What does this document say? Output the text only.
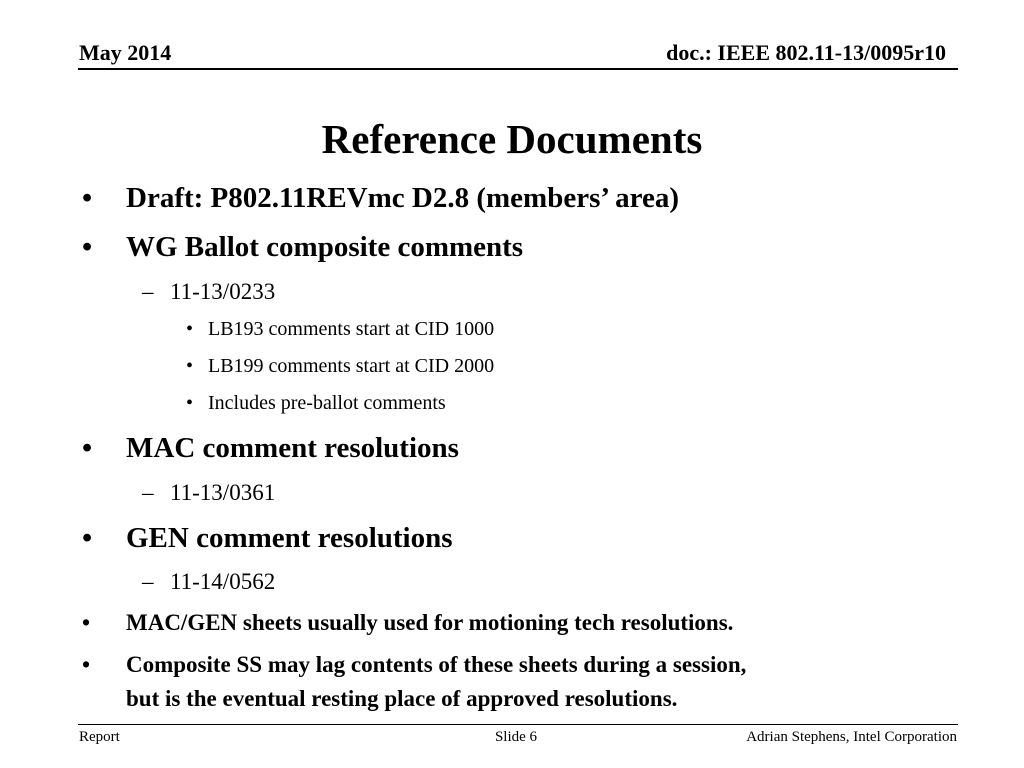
May 2014	doc.: IEEE 802.11-13/0095r10
Reference Documents
• Draft: P802.11REVmc D2.8 (members’ area)
• WG Ballot composite comments
– 11-13/0233
• LB193 comments start at CID 1000
• LB199 comments start at CID 2000
• Includes pre-ballot comments
• MAC comment resolutions
– 11-13/0361
• GEN comment resolutions
– 11-14/0562
• MAC/GEN sheets usually used for motioning tech resolutions.
• Composite SS may lag contents of these sheets during a session,
but is the eventual resting place of approved resolutions.
Report	Slide 6	Adrian Stephens, Intel Corporation
